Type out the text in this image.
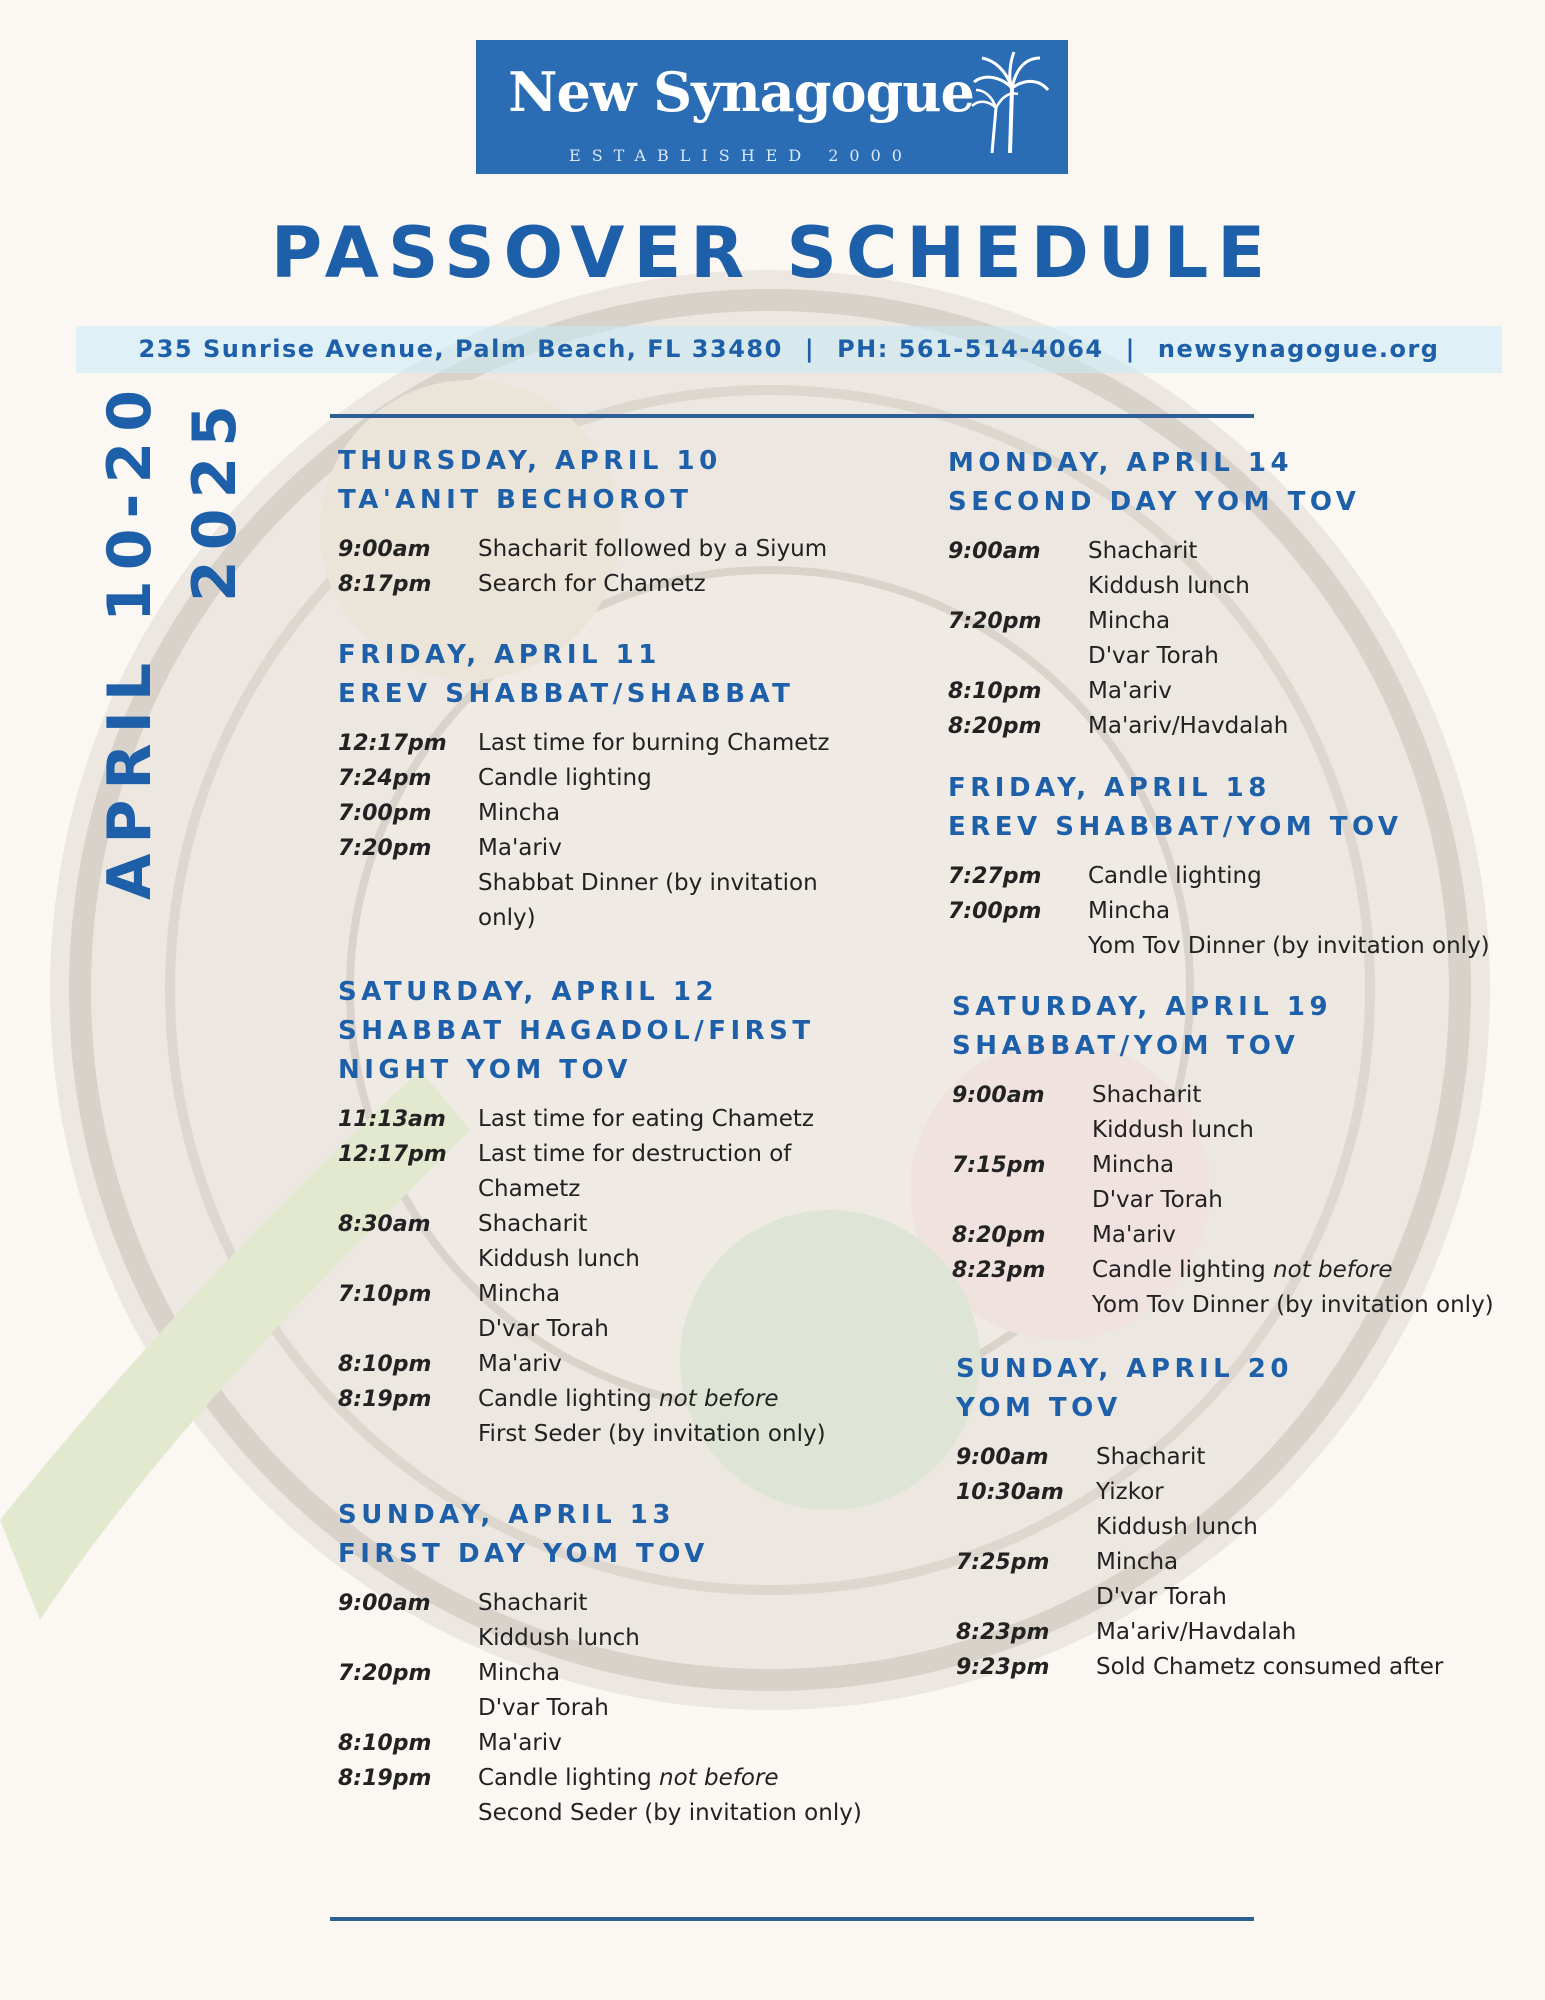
New Synagogue
ESTABLISHED 2000
PASSOVER SCHEDULE
235 Sunrise Avenue, Palm Beach, FL 33480 | PH: 561-514-4064 | newsynagogue.org
APRIL 10-20 2025	THURSDAY, APRIL 10
TA'ANIT BECHOROT
9:00am	Shacharit followed by a Siyum
8:17pm	Search for Chametz
FRIDAY, APRIL 11
EREV SHABBAT/SHABBAT
12:17pm	Last time for burning Chametz
7:24pm	Candle lighting
7:00pm	Mincha
7:20pm	Ma'ariv
Shabbat Dinner (by invitation only)
SATURDAY, APRIL 12
SHABBAT HAGADOL/FIRST NIGHT YOM TOV
11:13am	Last time for eating Chametz
12:17pm	Last time for destruction of Chametz
8:30am	Shacharit
Kiddush lunch
7:10pm	Mincha
D'var Torah
8:10pm	Ma'ariv
8:19pm	Candle lighting not before
First Seder (by invitation only)
SUNDAY, APRIL 13
FIRST DAY YOM TOV
9:00am	Shacharit
Kiddush lunch
7:20pm	Mincha
D'var Torah
8:10pm	Ma'ariv
8:19pm	Candle lighting not before
Second Seder (by invitation only)
MONDAY, APRIL 14
SECOND DAY YOM TOV
9:00am	Shacharit
Kiddush lunch
7:20pm	Mincha
D'var Torah
8:10pm	Ma'ariv
8:20pm	Ma'ariv/Havdalah
FRIDAY, APRIL 18
EREV SHABBAT/YOM TOV
7:27pm	Candle lighting
7:00pm	Mincha
Yom Tov Dinner (by invitation only)
SATURDAY, APRIL 19
SHABBAT/YOM TOV
9:00am	Shacharit
Kiddush lunch
7:15pm	Mincha
D'var Torah
8:20pm	Ma'ariv
8:23pm	Candle lighting not before
Yom Tov Dinner (by invitation only)
SUNDAY, APRIL 20
YOM TOV
9:00am	Shacharit
10:30am	Yizkor
Kiddush lunch
7:25pm	Mincha
D'var Torah
8:23pm	Ma'ariv/Havdalah
9:23pm	Sold Chametz consumed after
